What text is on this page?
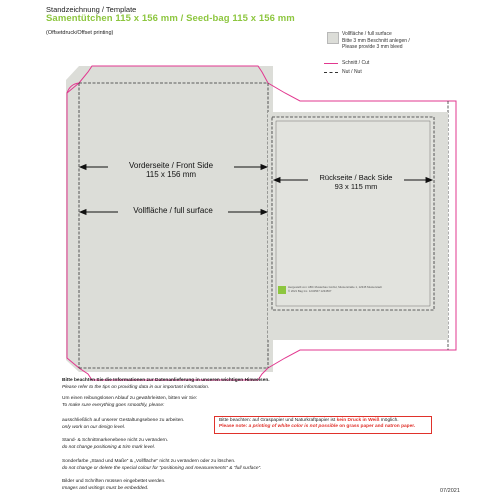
Standzeichnung / Template
Samentütchen 115 x 156 mm / Seed-bag 115 x 156 mm
(Offsetdruck/Offset printing)	Vollfläche / full surface
Bitte 3 mm Beschnitt anlegen /
Please provide 3 mm bleed
Schnitt / Cut
Nut / Nut
Vorderseite / Front Side
115 x 156 mm
Vollfläche / full surface
Rückseite / Back Side
93 x 115 mm
Hergestellt von: ABC Musterbau GmbH, Musterstraße 1, 12345 Musterstadt
© 2021 Bag Inc. 1234567 1234567
Bitte beachten Sie die Informationen zur Datenanlieferung in unseren wichtigen Hinweisen.
Please refer to the tips on providing data in our important information.
Um einen reibungslosen Ablauf zu gewährleisten, bitten wir Sie:
To make sure everything goes smoothly, please:
ausschließlich auf unserer Gestaltungsebene zu arbeiten.
only work on our design level.
Stand- & Schnittmarkenebene nicht zu verändern.
do not change positioning & trim mark level.
Sonderfarbe „Stand und Maße“ & „Vollfläche“ nicht zu verändern oder zu löschen.
do not change or delete the special colour for “positioning and measurements” & “full surface”.
Bilder und Schriften müssen eingebettet werden.
Images and writings must be embedded.
Bitte beachten: auf Graspapier und Naturkraftpapier ist kein Druck in Weiß möglich.
Please note: a printing of white color is not possible on grass paper and natron paper.
07/2021
